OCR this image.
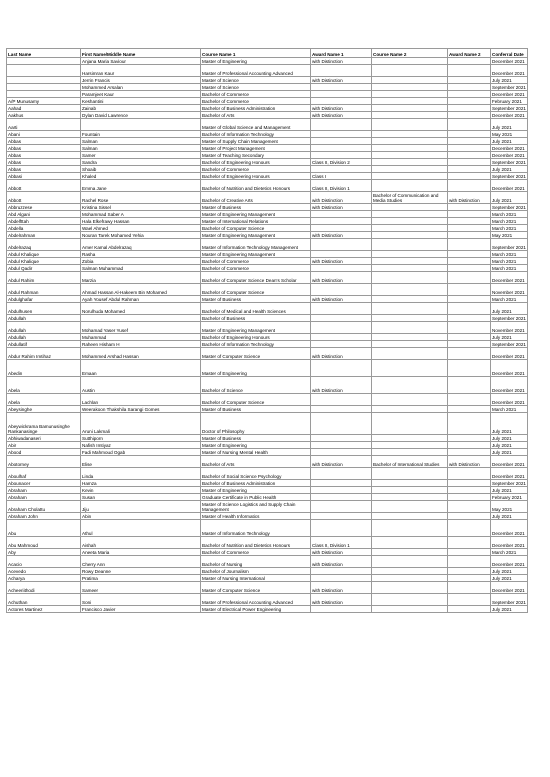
Last Name	First Name/Middle Name	Course Name 1	Award Name 1	Course Name 2	Award Name 2	Conferral Date
	Anjana Maria Saviour	Master of Engineering	with Distinction			December 2021
	Harsimran Kaur	Master of Professional Accounting Advanced				December 2021
	Jerrin Francis	Master of Science	with Distinction			July 2021
	Mohammed Arsalan	Master of Science				September 2021
	Paramjeet Kaur	Bachelor of Commerce				December 2021
A/P Munusamy	Keshantini	Bachelor of Commerce				February 2021
Aahad	Zainab	Bachelor of Business Administration	with Distinction			September 2021
Aakhus	Dylan David Lawrence	Bachelor of Arts	with Distinction			December 2021
Aarti		Master of Global Science and Management				July 2021
Abani	Fountain	Bachelor of Information Technology				May 2021
Abbas	Salman	Master of Supply Chain Management				July 2021
Abbas	Salman	Master of Project Management				December 2021
Abbas	Samer	Master of Teaching Secondary				December 2021
Abbas	Sandra	Bachelor of Engineering Honours	Class II, Division 2			September 2021
Abbas	Shoaib	Bachelor of Commerce				July 2021
Abbasi	Khaled	Bachelor of Engineering Honours	Class I			September 2021
Abbott	Emma Jane	Bachelor of Nutrition and Dietetics Honours	Class II, Division 1			December 2021
Abbott	Rachel Rose	Bachelor of Creative Arts	with Distinction	Bachelor of Communication and Media Studies	with Distinction	July 2021
Abbruzzese	Kristina Sissel	Master of Business	with Distinction			September 2021
Abd Algani	Mohammad Saber A	Master of Engineering Management				March 2021
Abdelfttah	Hala Elkefrawy Hassan	Master of International Relations				March 2021
Abdella	Wael Ahmed	Bachelor of Computer Science				March 2021
Abdelrahman	Nouran Tarek Mohamed Yehia	Master of Engineering Management	with Distinction			May 2021
Abdelrazaq	Amer Kamal Abdelrazaq	Master of Information Technology Management				September 2021
Abdul Khalique	Rasha	Master of Engineering Management				March 2021
Abdul Khalique	Zobia	Bachelor of Commerce	with Distinction			March 2021
Abdul Qadir	Salman Muhammad	Bachelor of Commerce				March 2021
Abdul Rahim	Marzia	Bachelor of Computer Science Dean's Scholar	with Distinction			December 2021
Abdul Rahman	Ahmad Hassan Al-Hakeem Bin Mohamed	Bachelor of Computer Science				November 2021
Abdulghafar	Ayah Yousef Abdul Rahman	Master of Business	with Distinction			March 2021
Abdulhusen	Norulhuda Mohamed	Bachelor of Medical and Health Sciences				July 2021
Abdullah		Bachelor of Business				September 2021
Abdullah	Mohamad Yaser Yusef	Master of Engineering Management				November 2021
Abdullah	Muhammad	Bachelor of Engineering Honours				July 2021
Abdullatif	Raheen Hisham H	Bachelor of Information Technology				September 2021
Abdur Rahim Imtihaz	Mohammed Arshad Hassan	Master of Computer Science	with Distinction			December 2021
Abedin	Emaan	Master of Engineering				December 2021
Abela	Austin	Bachelor of Science	with Distinction			December 2021
Abela	Lachlan	Bachelor of Computer Science				December 2021
Abeysinghe	Weerakoon Thakshila Sarangi Gomes	Master of Business				March 2021
Abeywickrama Bamunusinghe Rankanasinge	Aruni Lakmali	Doctor of Philosophy				July 2021
Abhiwadanaseri	Sutthiporn	Master of Business				July 2021
Abir	Nafish Imtiyaz	Master of Engineering				July 2021
Abood	Fadi Mahmoud Ogab	Master of Nursing Mental Health				July 2021
Abotorney	Elise	Bachelor of Arts	with Distinction	Bachelor of International Studies	with Distinction	December 2021
Aboulhaf	Linda	Bachelor of Social Science Psychology				December 2021
Abounacer	Hamza	Bachelor of Business Administration				September 2021
Abraham	Kevin	Master of Engineering				July 2021
Abraham	Susan	Graduate Certificate in Public Health				February 2021
Abraham Cholattu	Jiju	Master of Science Logistics and Supply Chain Management				May 2021
Abraham John	Abin	Master of Health Informatics				July 2021
Abu	Athul	Master of Information Technology				December 2021
Abu Mahmoud	Aishah	Bachelor of Nutrition and Dietetics Honours	Class II, Division 1			December 2021
Aby	Aneeta Maria	Bachelor of Commerce	with Distinction			March 2021
Acacio	Cherry Ann	Bachelor of Nursing	with Distinction			December 2021
Acevedo	Rowy Deanne	Bachelor of Journalism				July 2021
Acharya	Pratima	Master of Nursing International				July 2021
Acheeriithodi	Sameer	Master of Computer Science	with Distinction			December 2021
Achuthan	Soni	Master of Professional Accounting Advanced	with Distinction			September 2021
Actores Martinez	Francisco Javier	Master of Electrical Power Engineering				July 2021
